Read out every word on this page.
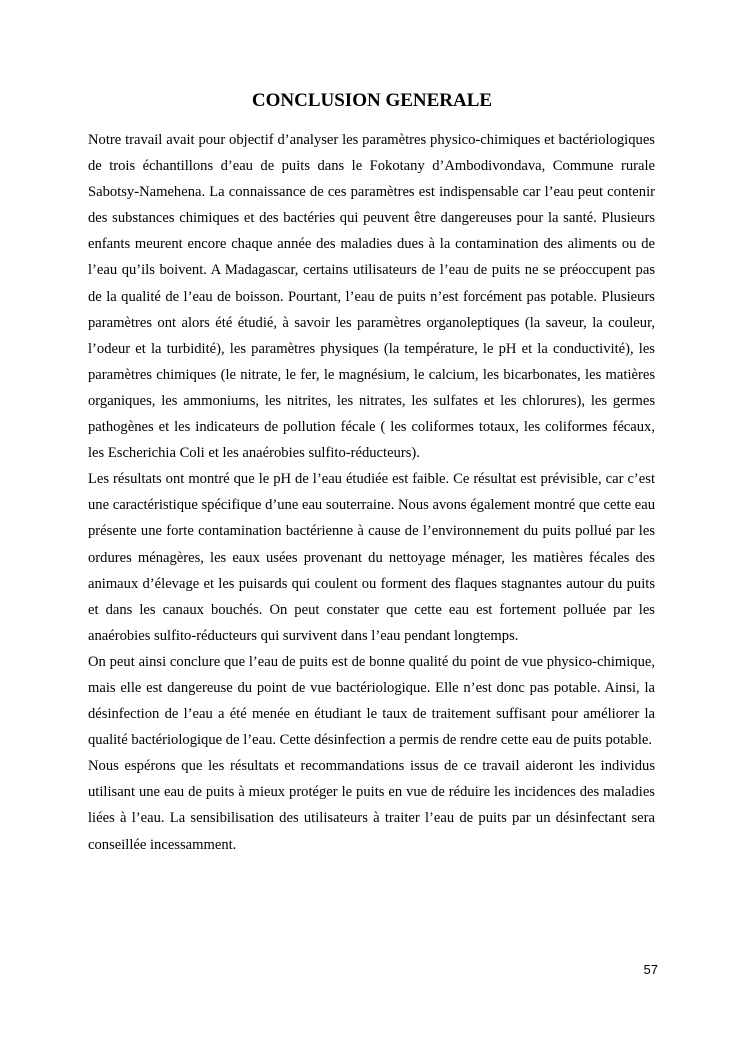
CONCLUSION GENERALE

Notre travail avait pour objectif d’analyser les paramètres physico-chimiques et bactériologiques de trois échantillons d’eau de puits dans le Fokotany d’Ambodivondava, Commune rurale Sabotsy-Namehena. La connaissance de ces paramètres est indispensable car l’eau peut contenir des substances chimiques et des bactéries qui peuvent être dangereuses pour la santé. Plusieurs enfants meurent encore chaque année des maladies dues à la contamination des aliments ou de l’eau qu’ils boivent. A Madagascar, certains utilisateurs de l’eau de puits ne se préoccupent pas de la qualité de l’eau de boisson. Pourtant, l’eau de puits n’est forcément pas potable. Plusieurs paramètres ont alors été étudié, à savoir les paramètres organoleptiques (la saveur, la couleur, l’odeur et la turbidité), les paramètres physiques (la température, le pH et la conductivité), les paramètres chimiques (le nitrate, le fer, le magnésium, le calcium, les bicarbonates, les matières organiques, les ammoniums, les nitrites, les nitrates, les sulfates et les chlorures), les germes pathogènes et les indicateurs de pollution fécale ( les coliformes totaux, les coliformes fécaux, les Escherichia Coli et les anaérobies sulfito-réducteurs).

Les résultats ont montré que le pH de l’eau étudiée est faible. Ce résultat est prévisible, car c’est une caractéristique spécifique d’une eau souterraine. Nous avons également montré que cette eau présente une forte contamination bactérienne à cause de l’environnement du puits pollué par les ordures ménagères, les eaux usées provenant du nettoyage ménager, les matières fécales des animaux d’élevage et les puisards qui coulent ou forment des flaques stagnantes autour du puits et dans les canaux bouchés. On peut constater que cette eau est fortement polluée par les anaérobies sulfito-réducteurs qui survivent dans l’eau pendant longtemps.

On peut ainsi conclure que l’eau de puits est de bonne qualité du point de vue physico-chimique, mais elle est dangereuse du point de vue bactériologique. Elle n’est donc pas potable. Ainsi, la désinfection de l’eau a été menée en étudiant le taux de traitement suffisant pour améliorer la qualité bactériologique de l’eau. Cette désinfection a permis de rendre cette eau de puits potable.

Nous espérons que les résultats et recommandations issus de ce travail aideront les individus utilisant une eau de puits à mieux protéger le puits en vue de réduire les incidences des maladies liées à l’eau. La sensibilisation des utilisateurs à traiter l’eau de puits par un désinfectant sera conseillée incessamment.

57
